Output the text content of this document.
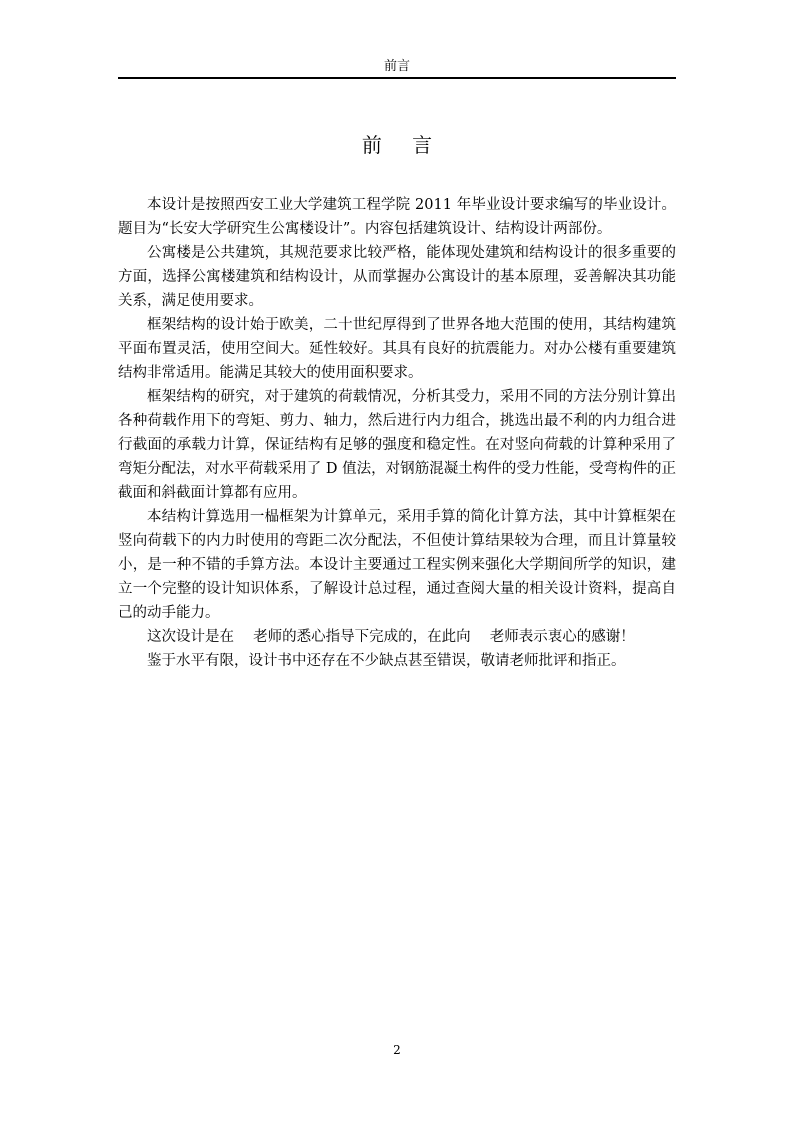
前言
前 言

本设计是按照西安工业大学建筑工程学院 2011 年毕业设计要求编写的毕业设计。题目为“长安大学研究生公寓楼设计”。内容包括建筑设计、结构设计两部份。

公寓楼是公共建筑，其规范要求比较严格，能体现处建筑和结构设计的很多重要的方面，选择公寓楼建筑和结构设计，从而掌握办公寓设计的基本原理，妥善解决其功能关系，满足使用要求。

框架结构的设计始于欧美，二十世纪厚得到了世界各地大范围的使用，其结构建筑平面布置灵活，使用空间大。延性较好。其具有良好的抗震能力。对办公楼有重要建筑结构非常适用。能满足其较大的使用面积要求。

框架结构的研究，对于建筑的荷载情况，分析其受力，采用不同的方法分别计算出各种荷载作用下的弯矩、剪力、轴力，然后进行内力组合，挑选出最不利的内力组合进行截面的承载力计算，保证结构有足够的强度和稳定性。在对竖向荷载的计算种采用了弯矩分配法，对水平荷载采用了 D 值法，对钢筋混凝土构件的受力性能，受弯构件的正截面和斜截面计算都有应用。

本结构计算选用一榀框架为计算单元，采用手算的简化计算方法，其中计算框架在竖向荷载下的内力时使用的弯距二次分配法，不但使计算结果较为合理，而且计算量较小，是一种不错的手算方法。本设计主要通过工程实例来强化大学期间所学的知识，建立一个完整的设计知识体系，了解设计总过程，通过查阅大量的相关设计资料，提高自己的动手能力。

这次设计是在　 老师的悉心指导下完成的，在此向　 老师表示衷心的感谢！

鉴于水平有限，设计书中还存在不少缺点甚至错误，敬请老师批评和指正。

2
